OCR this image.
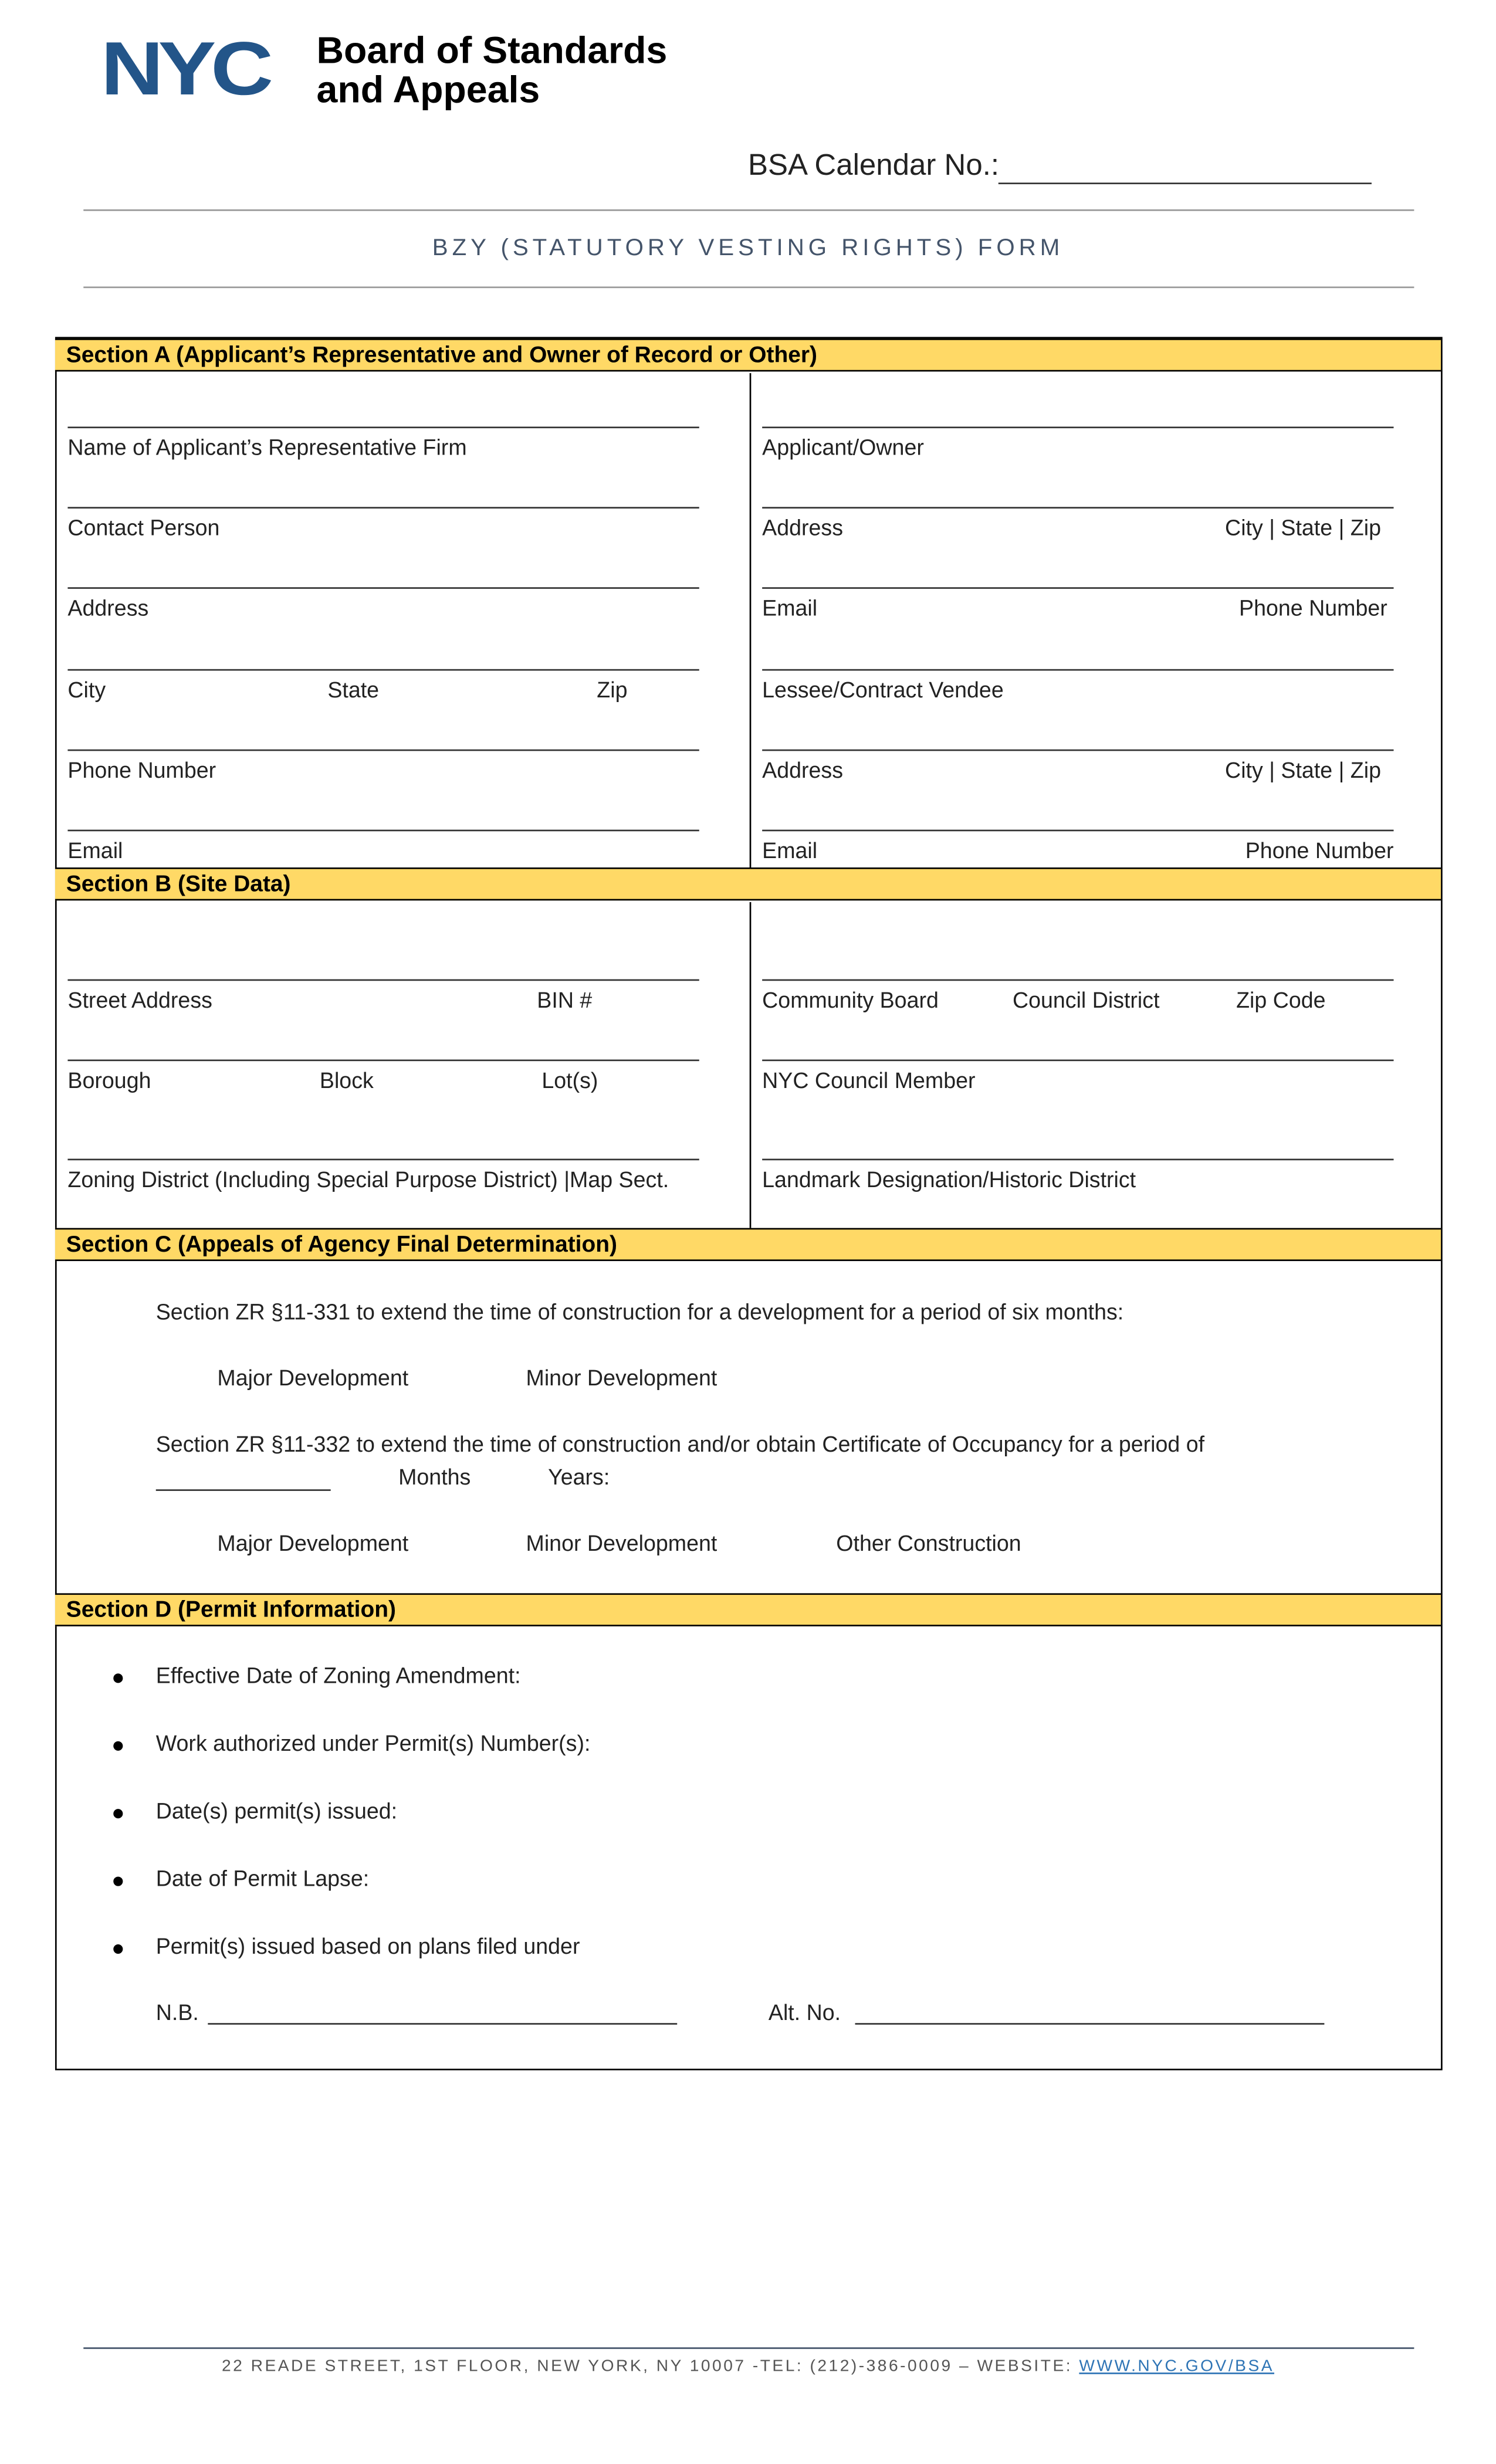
NYC	Board of Standards
and Appeals
BSA Calendar No.:
BZY (STATUTORY VESTING RIGHTS) FORM
Section A (Applicant’s Representative and Owner of Record or Other)
Name of Applicant’s Representative Firm
Contact Person
Address
City	State	Zip
Phone Number
Email
Applicant/Owner
Address	City | State | Zip
Email	Phone Number
Lessee/Contract Vendee
Address	City | State | Zip
Email	Phone Number
Section B (Site Data)
Street Address	BIN #
Borough	Block	Lot(s)
Zoning District (Including Special Purpose District) |Map Sect.
Community Board	Council District	Zip Code
NYC Council Member
Landmark Designation/Historic District
Section C (Appeals of Agency Final Determination)
Section ZR §11-331 to extend the time of construction for a development for a period of six months:
Major Development	Minor Development
Section ZR §11-332 to extend the time of construction and/or obtain Certificate of Occupancy for a period of
Months	Years:
Major Development	Minor Development	Other Construction
Section D (Permit Information)
Effective Date of Zoning Amendment:
Work authorized under Permit(s) Number(s):
Date(s) permit(s) issued:
Date of Permit Lapse:
Permit(s) issued based on plans filed under
N.B.	Alt. No.
22 READE STREET, 1ST FLOOR, NEW YORK, NY 10007 -TEL: (212)-386-0009 – WEBSITE: WWW.NYC.GOV/BSA
